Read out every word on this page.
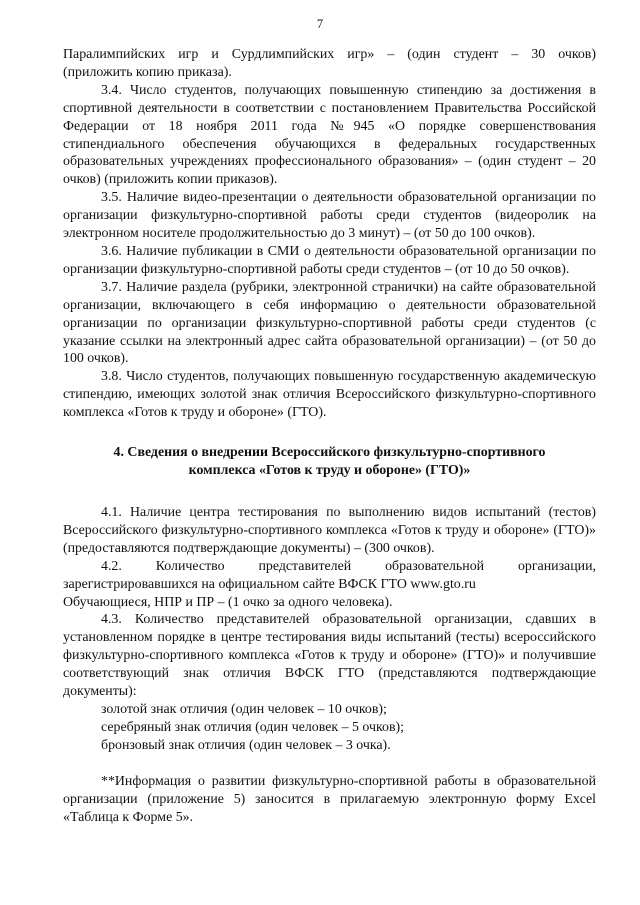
7

Паралимпийских игр и Сурдлимпийских игр» – (один студент – 30 очков)

(приложить копию приказа).

3.4. Число студентов, получающих повышенную стипендию за достижения в спортивной деятельности в соответствии с постановлением Правительства Российской Федерации от 18 ноября 2011 года №945 «О порядке совершенствования стипендиального обеспечения обучающихся в федеральных государственных образовательных учреждениях профессионального образования» – (один студент – 20 очков) (приложить копии приказов).

3.5. Наличие видео-презентации о деятельности образовательной организации по организации физкультурно-спортивной работы среди студентов (видеоролик на электронном носителе продолжительностью до 3 минут) – (от 50 до 100 очков).

3.6. Наличие публикации в СМИ о деятельности образовательной организации по организации физкультурно-спортивной работы среди студентов – (от 10 до 50 очков).

3.7. Наличие раздела (рубрики, электронной странички) на сайте образовательной организации, включающего в себя информацию о деятельности образовательной организации по организации физкультурно-спортивной работы среди студентов (с указание ссылки на электронный адрес сайта образовательной организации) – (от 50 до 100 очков).

3.8. Число студентов, получающих повышенную государственную академическую стипендию, имеющих золотой знак отличия Всероссийского физкультурно-спортивного комплекса «Готов к труду и обороне» (ГТО).

4. Сведения о внедрении Всероссийского физкультурно-спортивного
комплекса «Готов к труду и обороне» (ГТО)»

4.1. Наличие центра тестирования по выполнению видов испытаний (тестов) Всероссийского физкультурно-спортивного комплекса «Готов к труду и обороне» (ГТО)» (предоставляются подтверждающие документы) – (300 очков).

4.2. Количество представителей образовательной организации, зарегистрировавшихся на официальном сайте ВФСК ГТО www.gto.ru

Обучающиеся, НПР и ПР – (1 очко за одного человека).

4.3. Количество представителей образовательной организации, сдавших в установленном порядке в центре тестирования виды испытаний (тесты) всероссийского физкультурно-спортивного комплекса «Готов к труду и обороне» (ГТО)» и получившие соответствующий знак отличия ВФСК ГТО (представляются подтверждающие документы):

золотой знак отличия (один человек – 10 очков);

серебряный знак отличия (один человек – 5 очков);

бронзовый знак отличия (один человек – 3 очка).

**Информация о развитии физкультурно-спортивной работы в образовательной организации (приложение 5) заносится в прилагаемую электронную форму Excel «Таблица к Форме 5».
